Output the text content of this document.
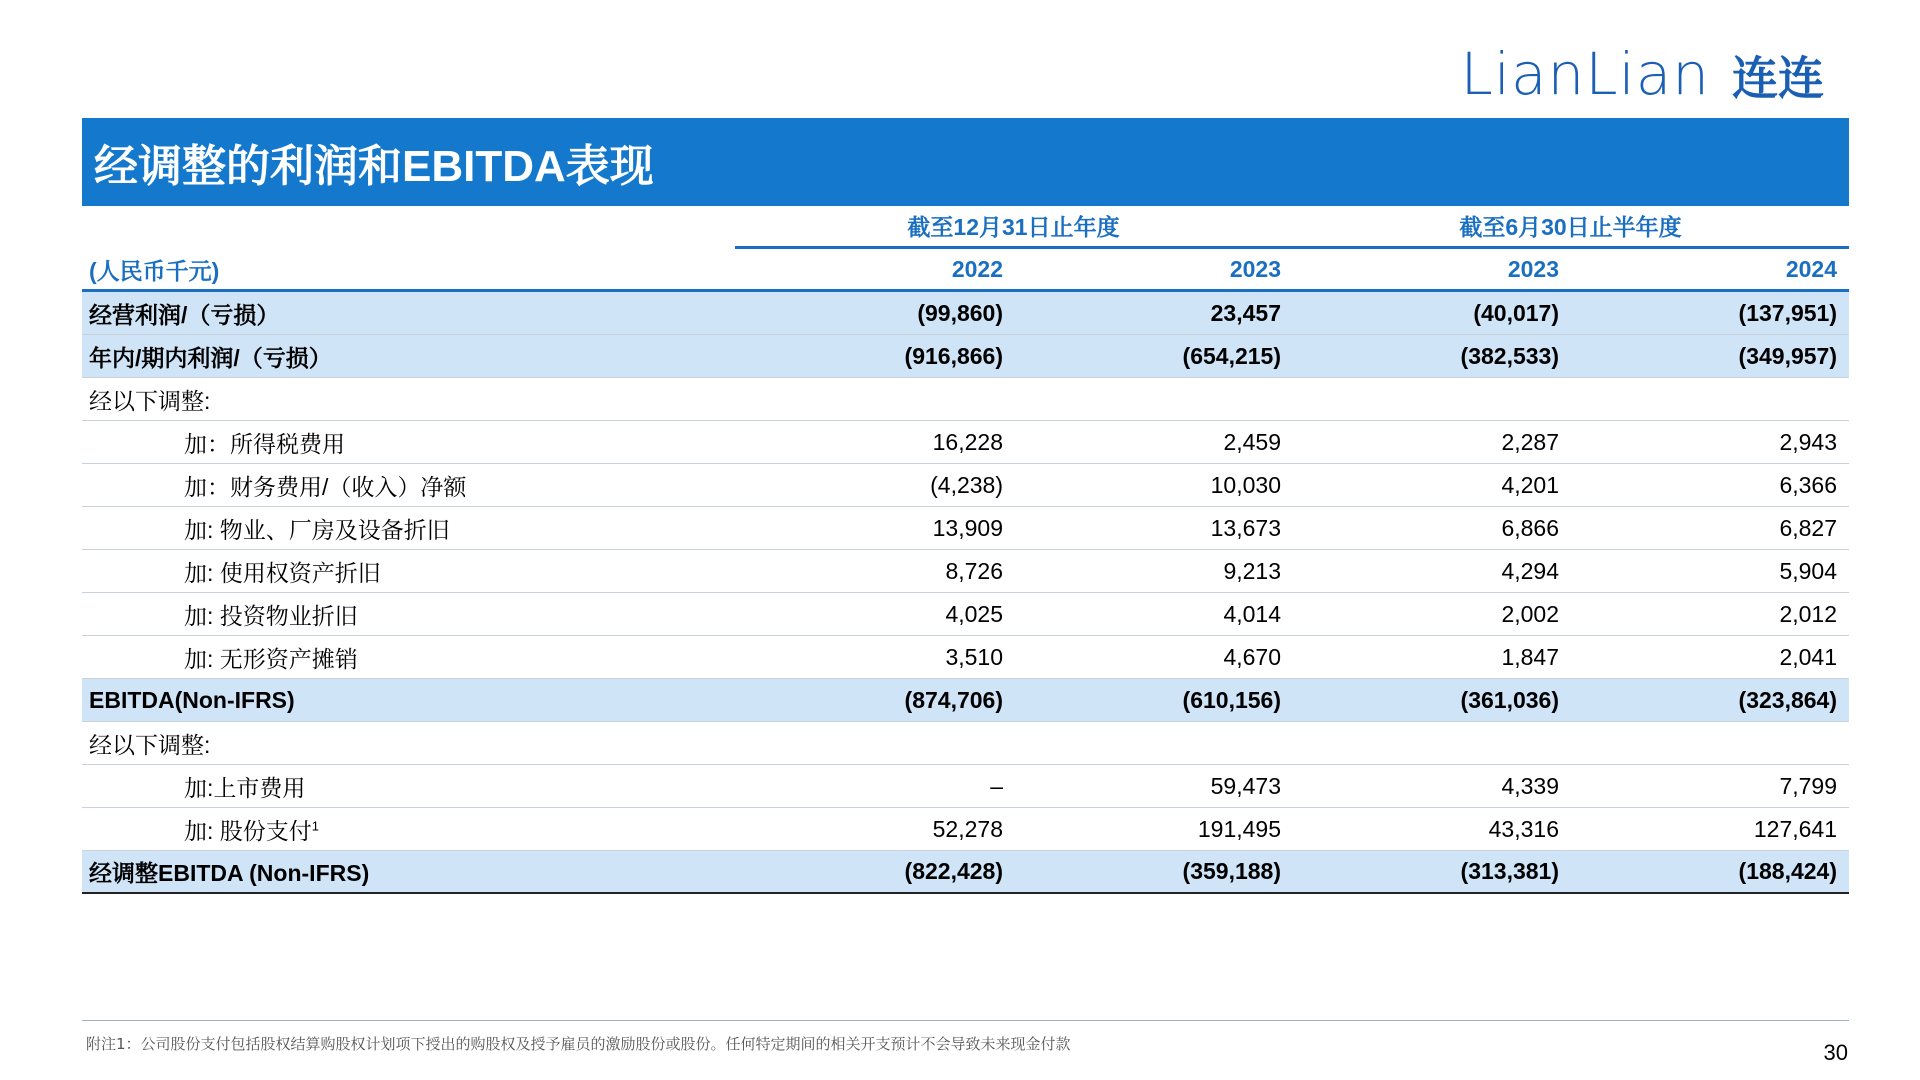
LianLian 连连
经调整的利润和EBITDA表现
截至12月31日止年度	截至6月30日止半年度
(人民币千元)	2022	2023	2023	2024
经营利润/（亏损）	(99,860)	23,457	(40,017)	(137,951)
年内/期内利润/（亏损）	(916,866)	(654,215)	(382,533)	(349,957)
经以下调整:
加：所得税费用	16,228	2,459	2,287	2,943
加：财务费用/（收入）净额	(4,238)	10,030	4,201	6,366
加: 物业、厂房及设备折旧	13,909	13,673	6,866	6,827
加: 使用权资产折旧	8,726	9,213	4,294	5,904
加: 投资物业折旧	4,025	4,014	2,002	2,012
加: 无形资产摊销	3,510	4,670	1,847	2,041
EBITDA(Non-IFRS)	(874,706)	(610,156)	(361,036)	(323,864)
经以下调整:
加:上市费用	–	59,473	4,339	7,799
加: 股份支付$^1$	52,278	191,495	43,316	127,641
经调整EBITDA (Non-IFRS)	(822,428)	(359,188)	(313,381)	(188,424)
附注1：公司股份支付包括股权结算购股权计划项下授出的购股权及授予雇员的激励股份或股份。任何特定期间的相关开支预计不会导致未来现金付款	30
